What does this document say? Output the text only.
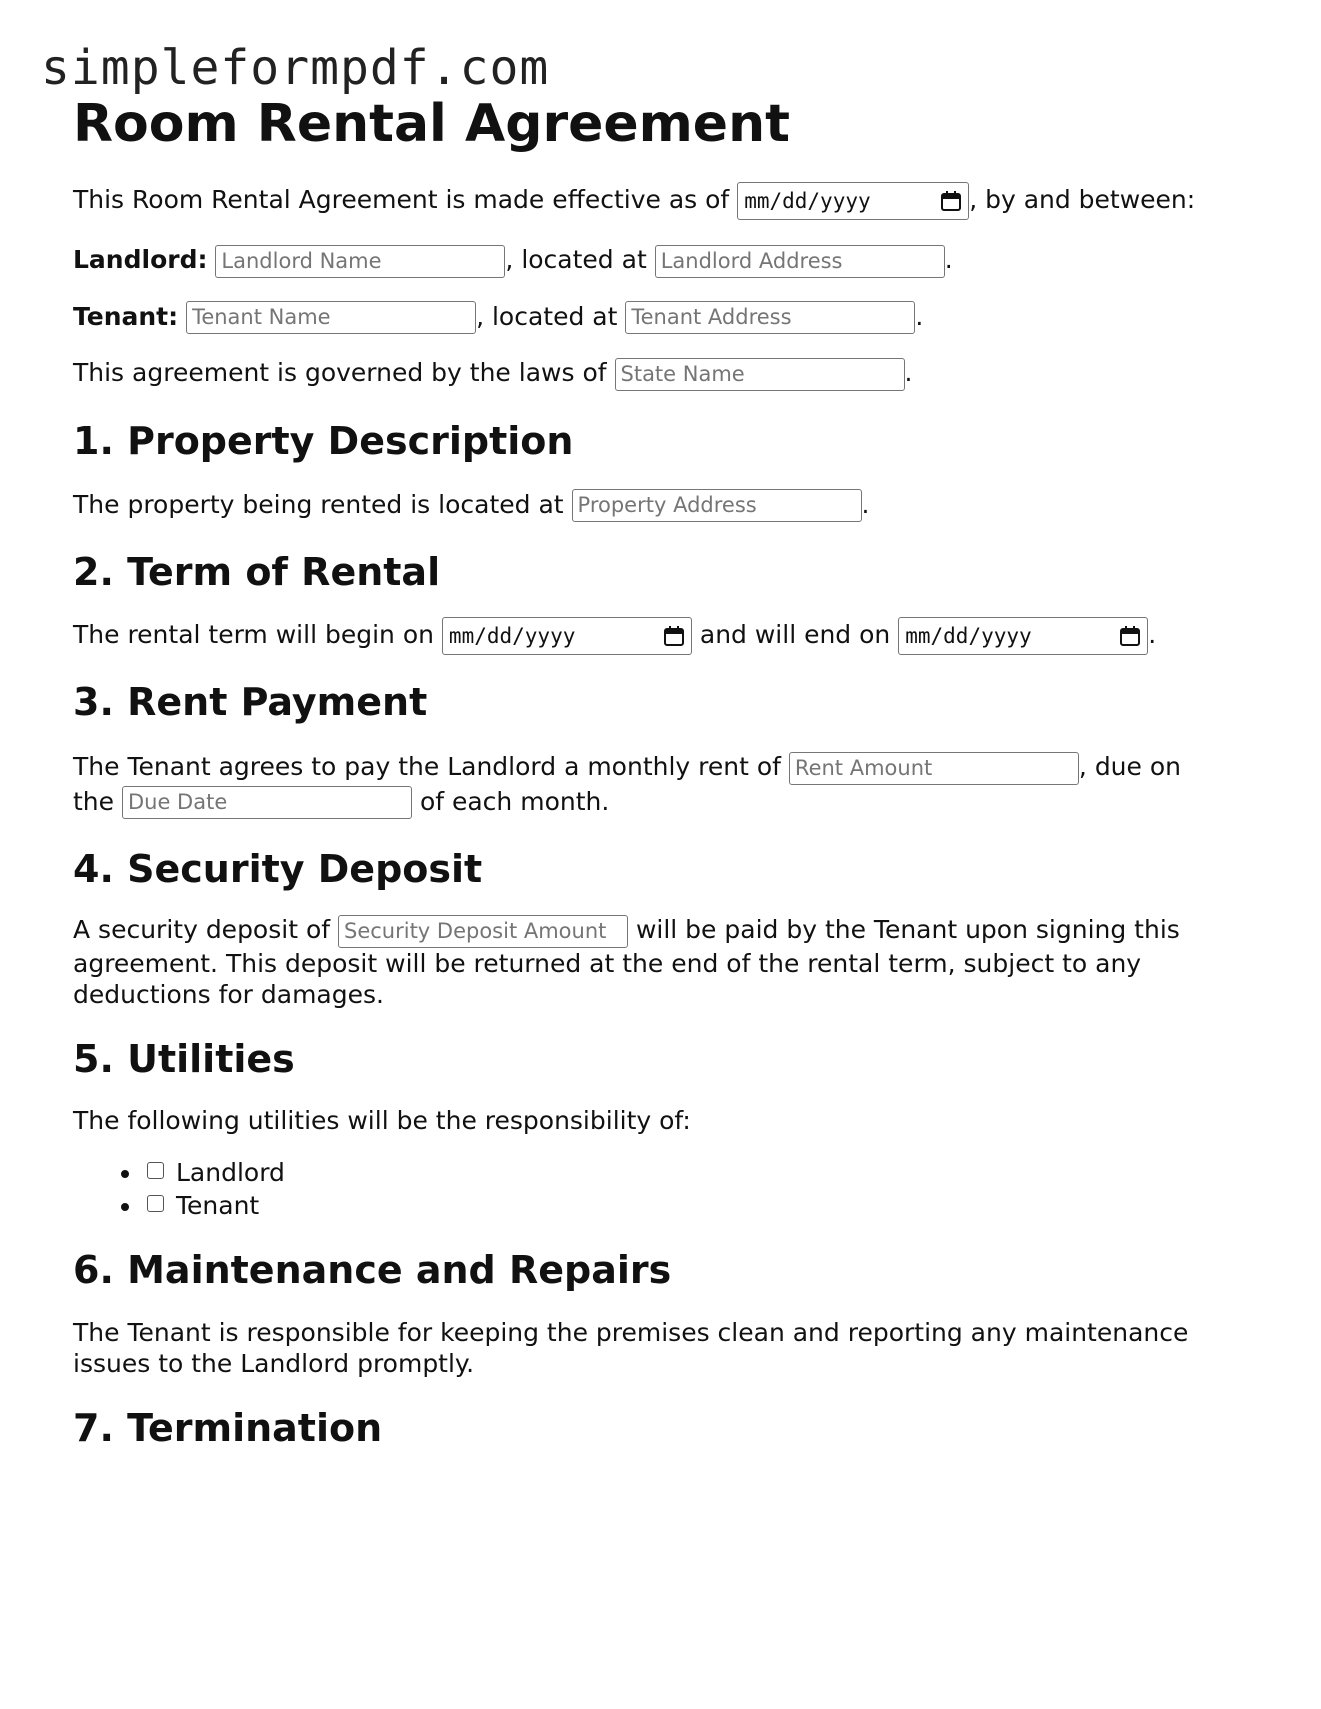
simpleformpdf.com
Room Rental Agreement

This Room Rental Agreement is made effective as of mm/dd/yyyy	, by and between:

Landlord: Landlord Name	, located at Landlord Address	.

Tenant: Tenant Name	, located at Tenant Address	.

This agreement is governed by the laws of State Name	.

1. Property Description

The property being rented is located at Property Address	.

2. Term of Rental

The rental term will begin on mm/dd/yyyy	and will end on mm/dd/yyyy	.

3. Rent Payment

The Tenant agrees to pay the Landlord a monthly rent of Rent Amount	, due on
the Due Date	of each month.

4. Security Deposit

A security deposit of Security Deposit Amount will be paid by the Tenant upon signing this agreement. This deposit will be returned at the end of the rental term, subject to any deductions for damages.

5. Utilities

The following utilities will be the responsibility of:

• Landlord
• Tenant
6. Maintenance and Repairs

The Tenant is responsible for keeping the premises clean and reporting any maintenance issues to the Landlord promptly.

7. Termination
